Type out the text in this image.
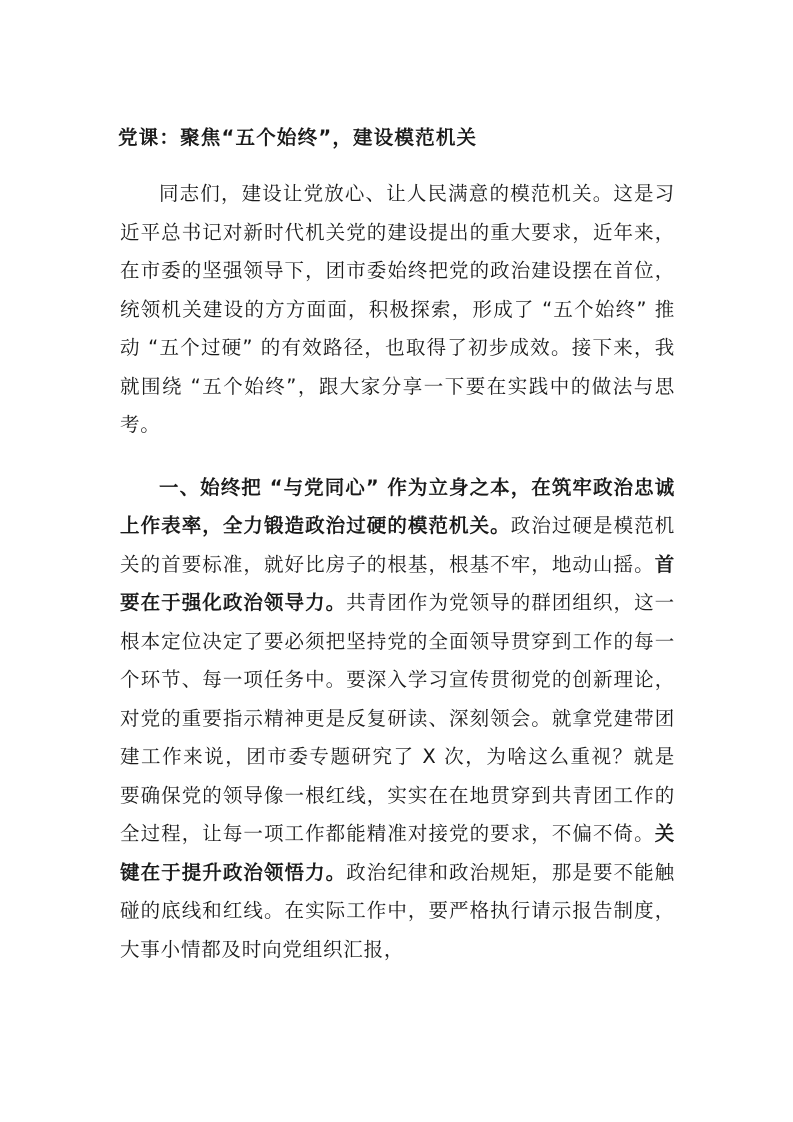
党课：聚焦“五个始终”，建设模范机关

同志们，建设让党放心、让人民满意的模范机关。这是习近平总书记对新时代机关党的建设提出的重大要求，近年来，在市委的坚强领导下，团市委始终把党的政治建设摆在首位，统领机关建设的方方面面，积极探索，形成了 “五个始终” 推动 “五个过硬” 的有效路径，也取得了初步成效。接下来，我就围绕 “五个始终”，跟大家分享一下要在实践中的做法与思考。

一、始终把 “与党同心” 作为立身之本，在筑牢政治忠诚上作表率，全力锻造政治过硬的模范机关。政治过硬是模范机关的首要标准，就好比房子的根基，根基不牢，地动山摇。首要在于强化政治领导力。共青团作为党领导的群团组织，这一根本定位决定了要必须把坚持党的全面领导贯穿到工作的每一个环节、每一项任务中。要深入学习宣传贯彻党的创新理论，对党的重要指示精神更是反复研读、深刻领会。就拿党建带团建工作来说，团市委专题研究了 X 次，为啥这么重视？就是要确保党的领导像一根红线，实实在在地贯穿到共青团工作的全过程，让每一项工作都能精准对接党的要求，不偏不倚。关键在于提升政治领悟力。政治纪律和政治规矩，那是要不能触碰的底线和红线。在实际工作中，要严格执行请示报告制度，大事小情都及时向党组织汇报，
